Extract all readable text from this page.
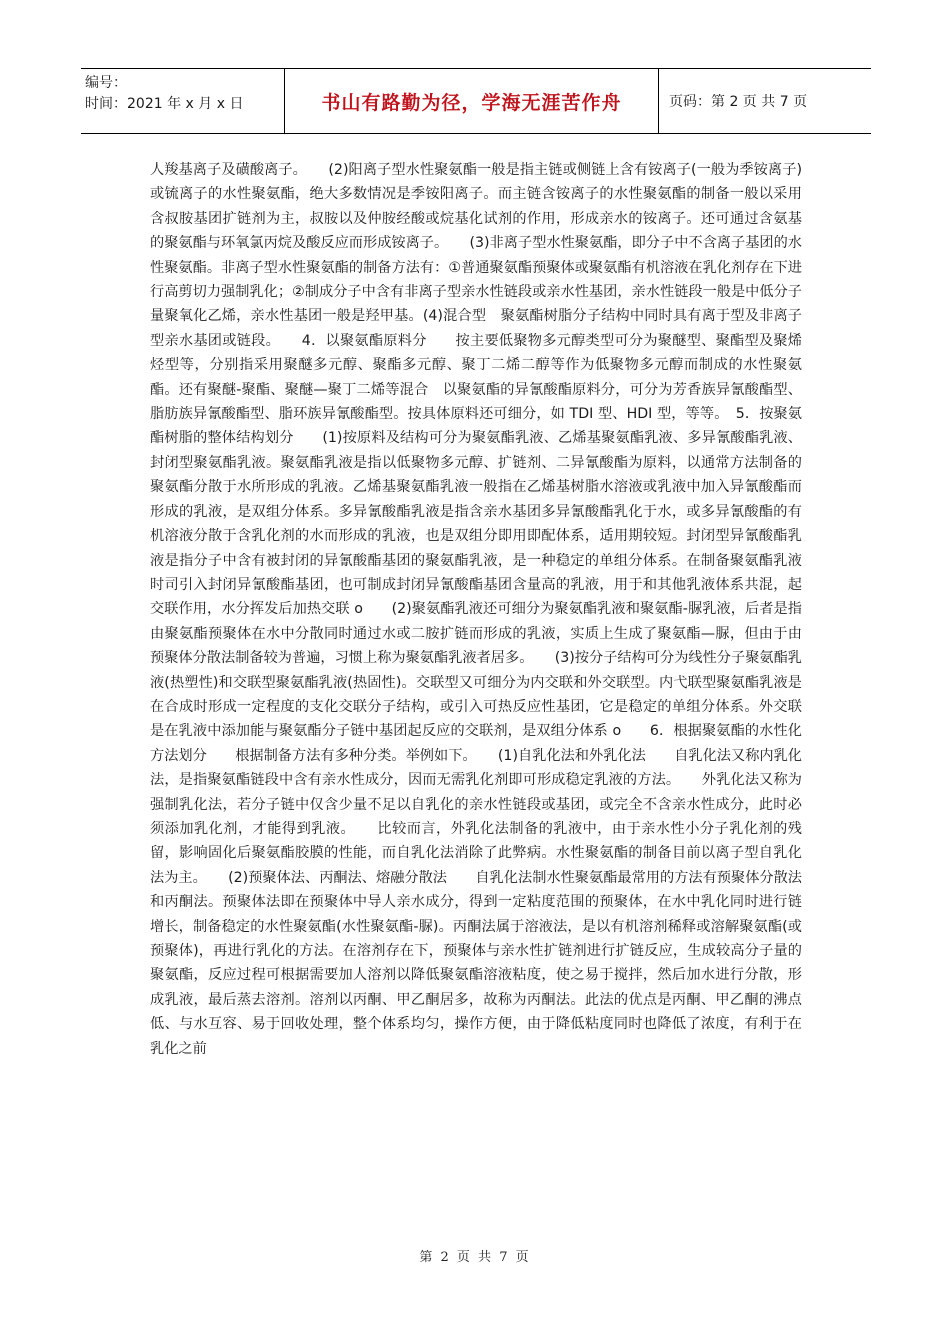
编号：
时间：2021 年 x 月 x 日	书山有路勤为径，学海无涯苦作舟	页码：第 2 页 共 7 页

人羧基离子及磺酸离子。　　(2)阳离子型水性聚氨酯一般是指主链或侧链上含有铵离子(一般为季铵离子)或锍离子的水性聚氨酯，绝大多数情况是季铵阳离子。而主链含铵离子的水性聚氨酯的制备一般以采用含叔胺基团扩链剂为主，叔胺以及仲胺经酸或烷基化试剂的作用，形成亲水的铵离子。还可通过含氨基的聚氨酯与环氧氯丙烷及酸反应而形成铵离子。　　(3)非离子型水性聚氨酯，即分子中不含离子基团的水性聚氨酯。非离子型水性聚氨酯的制备方法有：①普通聚氨酯预聚体或聚氨酯有机溶液在乳化剂存在下进行高剪切力强制乳化；②制成分子中含有非离子型亲水性链段或亲水性基团，亲水性链段一般是中低分子量聚氧化乙烯，亲水性基团一般是羟甲基。(4)混合型　聚氨酯树脂分子结构中同时具有离于型及非离子型亲水基团或链段。　　4．以聚氨酯原料分　　按主要低聚物多元醇类型可分为聚醚型、聚酯型及聚烯烃型等，分别指采用聚醚多元醇、聚酯多元醇、聚丁二烯二醇等作为低聚物多元醇而制成的水性聚氨酯。还有聚醚-聚酯、聚醚—聚丁二烯等混合　以聚氨酯的异氰酸酯原料分，可分为芳香族异氰酸酯型、脂肪族异氰酸酯型、脂环族异氰酸酯型。按具体原料还可细分，如 TDI 型、HDI 型，等等。　5．按聚氨酯树脂的整体结构划分　　(1)按原料及结构可分为聚氨酯乳液、乙烯基聚氨酯乳液、多异氰酸酯乳液、封闭型聚氨酯乳液。聚氨酯乳液是指以低聚物多元醇、扩链剂、二异氰酸酯为原料，以通常方法制备的聚氨酯分散于水所形成的乳液。乙烯基聚氨酯乳液一般指在乙烯基树脂水溶液或乳液中加入异氰酸酯而形成的乳液，是双组分体系。多异氰酸酯乳液是指含亲水基团多异氰酸酯乳化于水，或多异氰酸酯的有机溶液分散于含乳化剂的水而形成的乳液，也是双组分即用即配体系，适用期较短。封闭型异氰酸酯乳液是指分子中含有被封闭的异氰酸酯基团的聚氨酯乳液，是一种稳定的单组分体系。在制备聚氨酯乳液时司引入封闭异氰酸酯基团，也可制成封闭异氰酸酯基团含量高的乳液，用于和其他乳液体系共混，起交联作用，水分挥发后加热交联 o　　(2)聚氨酯乳液还可细分为聚氨酯乳液和聚氨酯-脲乳液，后者是指由聚氨酯预聚体在水中分散同时通过水或二胺扩链而形成的乳液，实质上生成了聚氨酯—脲，但由于由预聚体分散法制备较为普遍，习惯上称为聚氨酯乳液者居多。　　(3)按分子结构可分为线性分子聚氨酯乳液(热塑性)和交联型聚氨酯乳液(热固性)。交联型又可细分为内交联和外交联型。内弋联型聚氨酯乳液是在合成时形成一定程度的支化交联分子结构，或引入可热反应性基团，它是稳定的单组分体系。外交联是在乳液中添加能与聚氨酯分子链中基团起反应的交联剂，是双组分体系 o　　6．根据聚氨酯的水性化方法划分　　根据制备方法有多种分类。举例如下。　　(1)自乳化法和外乳化法　　自乳化法又称内乳化法，是指聚氨酯链段中含有亲水性成分，因而无需乳化剂即可形成稳定乳液的方法。　　外乳化法又称为强制乳化法，若分子链中仅含少量不足以自乳化的亲水性链段或基团，或完全不含亲水性成分，此时必须添加乳化剂，才能得到乳液。　　比较而言，外乳化法制备的乳液中，由于亲水性小分子乳化剂的残留，影响固化后聚氨酯胶膜的性能，而自乳化法消除了此弊病。水性聚氨酯的制备目前以离子型自乳化法为主。　　(2)预聚体法、丙酮法、熔融分散法　　自乳化法制水性聚氨酯最常用的方法有预聚体分散法和丙酮法。预聚体法即在预聚体中导人亲水成分，得到一定粘度范围的预聚体，在水中乳化同时进行链增长，制备稳定的水性聚氨酯(水性聚氨酯-脲)。丙酮法属于溶液法，是以有机溶剂稀释或溶解聚氨酯(或预聚体)，再进行乳化的方法。在溶剂存在下，预聚体与亲水性扩链剂进行扩链反应，生成较高分子量的聚氨酯，反应过程可根据需要加人溶剂以降低聚氨酯溶液粘度，使之易于搅拌，然后加水进行分散，形成乳液，最后蒸去溶剂。溶剂以丙酮、甲乙酮居多，故称为丙酮法。此法的优点是丙酮、甲乙酮的沸点低、与水互容、易于回收处理，整个体系均匀，操作方便，由于降低粘度同时也降低了浓度，有利于在乳化之前

第 2 页 共 7 页
